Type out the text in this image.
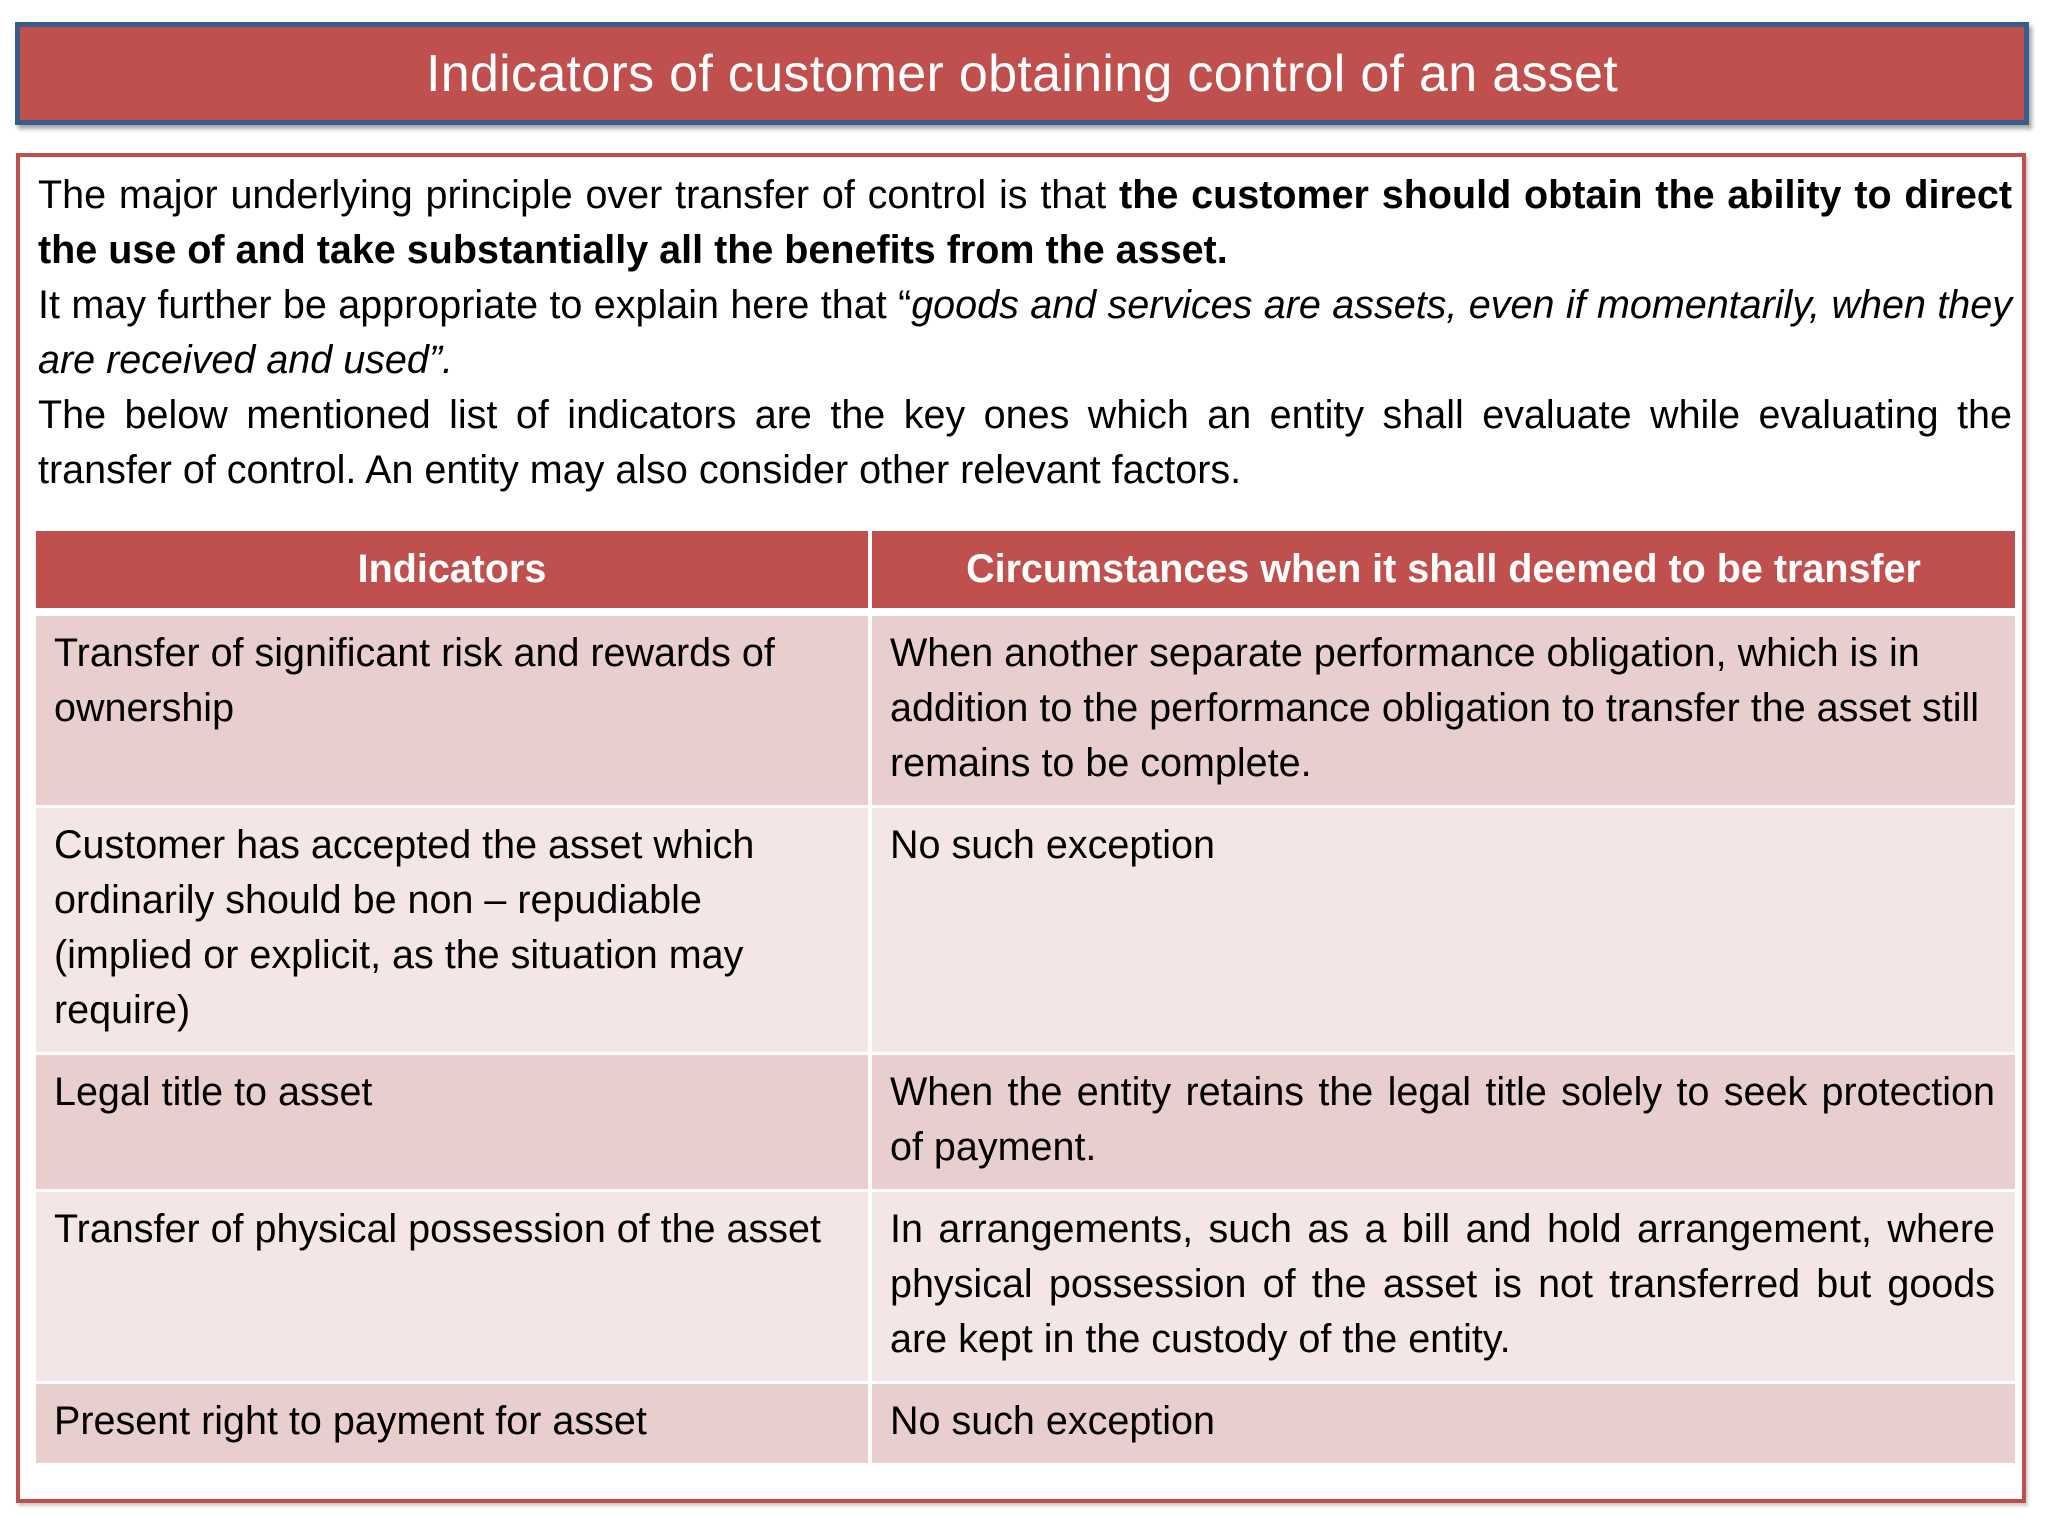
Indicators of customer obtaining control of an asset

The major underlying principle over transfer of control is that the customer should obtain the ability to direct the use of and take substantially all the benefits from the asset.

It may further be appropriate to explain here that “goods and services are assets, even if momentarily, when they are received and used”.

The below mentioned list of indicators are the key ones which an entity shall evaluate while evaluating the transfer of control. An entity may also consider other relevant factors.

Indicators	Circumstances when it shall deemed to be transfer
Transfer of significant risk and rewards of ownership	When another separate performance obligation, which is in addition to the performance obligation to transfer the asset still remains to be complete.
Customer has accepted the asset which ordinarily should be non – repudiable (implied or explicit, as the situation may require)	No such exception
Legal title to asset	When the entity retains the legal title solely to seek protection of payment.
Transfer of physical possession of the asset	In arrangements, such as a bill and hold arrangement, where physical possession of the asset is not transferred but goods are kept in the custody of the entity.
Present right to payment for asset	No such exception
